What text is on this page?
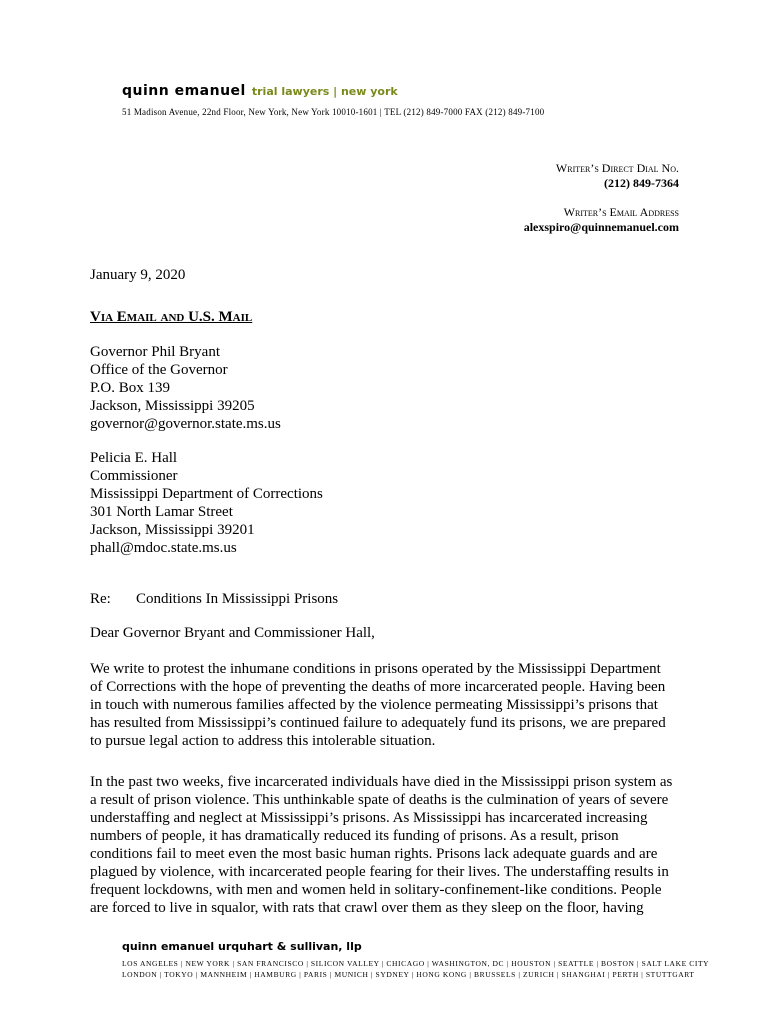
quinn emanuel trial lawyers | new york
51 Madison Avenue, 22nd Floor, New York, New York 10010-1601 | TEL (212) 849-7000 FAX (212) 849-7100
Writer’s Direct Dial No.
(212) 849-7364
Writer’s Email Address
alexspiro@quinnemanuel.com
January 9, 2020
Via Email and U.S. Mail
Governor Phil Bryant
Office of the Governor
P.O. Box 139
Jackson, Mississippi 39205
governor@governor.state.ms.us
Pelicia E. Hall
Commissioner
Mississippi Department of Corrections
301 North Lamar Street
Jackson, Mississippi 39201
phall@mdoc.state.ms.us
Re: Conditions In Mississippi Prisons
Dear Governor Bryant and Commissioner Hall,
We write to protest the inhumane conditions in prisons operated by the Mississippi Department
of Corrections with the hope of preventing the deaths of more incarcerated people. Having been
in touch with numerous families affected by the violence permeating Mississippi’s prisons that
has resulted from Mississippi’s continued failure to adequately fund its prisons, we are prepared
to pursue legal action to address this intolerable situation.
In the past two weeks, five incarcerated individuals have died in the Mississippi prison system as
a result of prison violence. This unthinkable spate of deaths is the culmination of years of severe
understaffing and neglect at Mississippi’s prisons. As Mississippi has incarcerated increasing
numbers of people, it has dramatically reduced its funding of prisons. As a result, prison
conditions fail to meet even the most basic human rights. Prisons lack adequate guards and are
plagued by violence, with incarcerated people fearing for their lives. The understaffing results in
frequent lockdowns, with men and women held in solitary-confinement-like conditions. People
are forced to live in squalor, with rats that crawl over them as they sleep on the floor, having
quinn emanuel urquhart & sullivan, llp
LOS ANGELES | NEW YORK | SAN FRANCISCO | SILICON VALLEY | CHICAGO | WASHINGTON, DC | HOUSTON | SEATTLE | BOSTON | SALT LAKE CITY
LONDON | TOKYO | MANNHEIM | HAMBURG | PARIS | MUNICH | SYDNEY | HONG KONG | BRUSSELS | ZURICH | SHANGHAI | PERTH | STUTTGART
